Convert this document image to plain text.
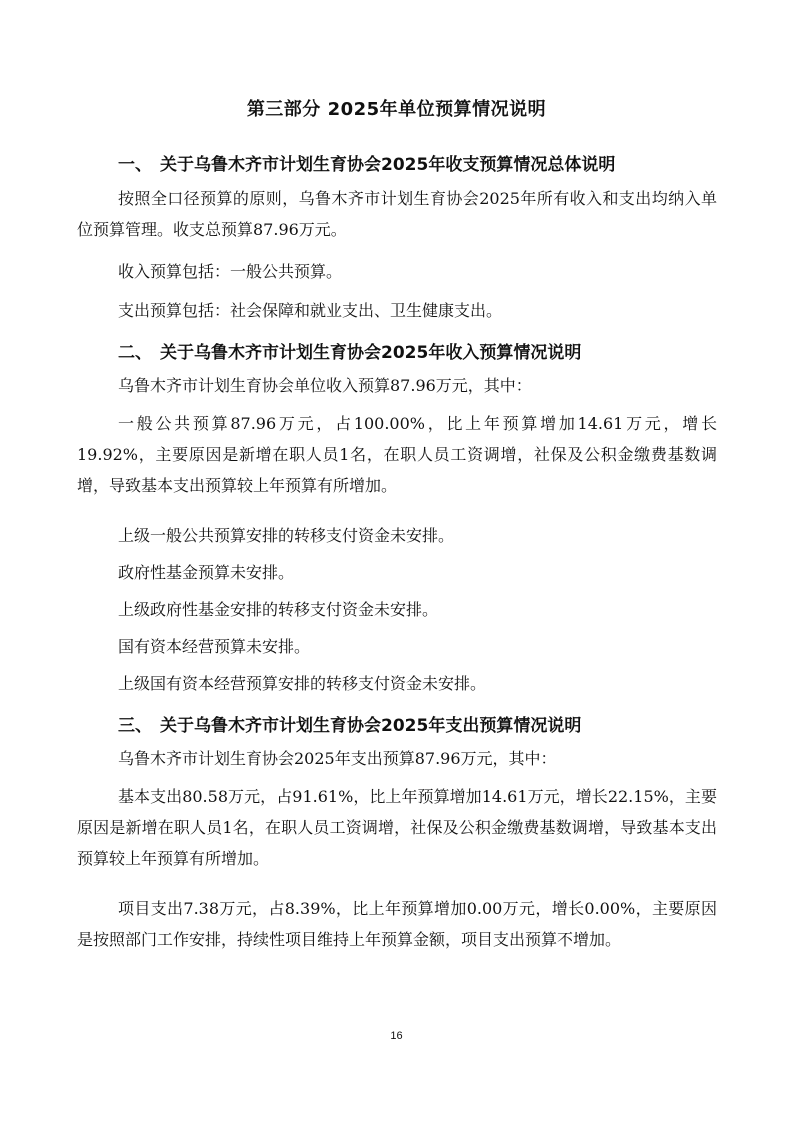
第三部分 2025年单位预算情况说明
一、 关于乌鲁木齐市计划生育协会2025年收支预算情况总体说明

按照全口径预算的原则，乌鲁木齐市计划生育协会2025年所有收入和支出均纳入单位预算管理。收支总预算87.96万元。

收入预算包括：一般公共预算。

支出预算包括：社会保障和就业支出、卫生健康支出。

二、 关于乌鲁木齐市计划生育协会2025年收入预算情况说明

乌鲁木齐市计划生育协会单位收入预算87.96万元，其中：

一般公共预算87.96万元，占100.00%，比上年预算增加14.61万元，增长19.92%，主要原因是新增在职人员1名，在职人员工资调增，社保及公积金缴费基数调增，导致基本支出预算较上年预算有所增加。

上级一般公共预算安排的转移支付资金未安排。

政府性基金预算未安排。

上级政府性基金安排的转移支付资金未安排。

国有资本经营预算未安排。

上级国有资本经营预算安排的转移支付资金未安排。

三、 关于乌鲁木齐市计划生育协会2025年支出预算情况说明

乌鲁木齐市计划生育协会2025年支出预算87.96万元，其中：

基本支出80.58万元，占91.61%，比上年预算增加14.61万元，增长22.15%，主要原因是新增在职人员1名，在职人员工资调增，社保及公积金缴费基数调增，导致基本支出预算较上年预算有所增加。

项目支出7.38万元，占8.39%，比上年预算增加0.00万元，增长0.00%，主要原因是按照部门工作安排，持续性项目维持上年预算金额，项目支出预算不增加。

16
